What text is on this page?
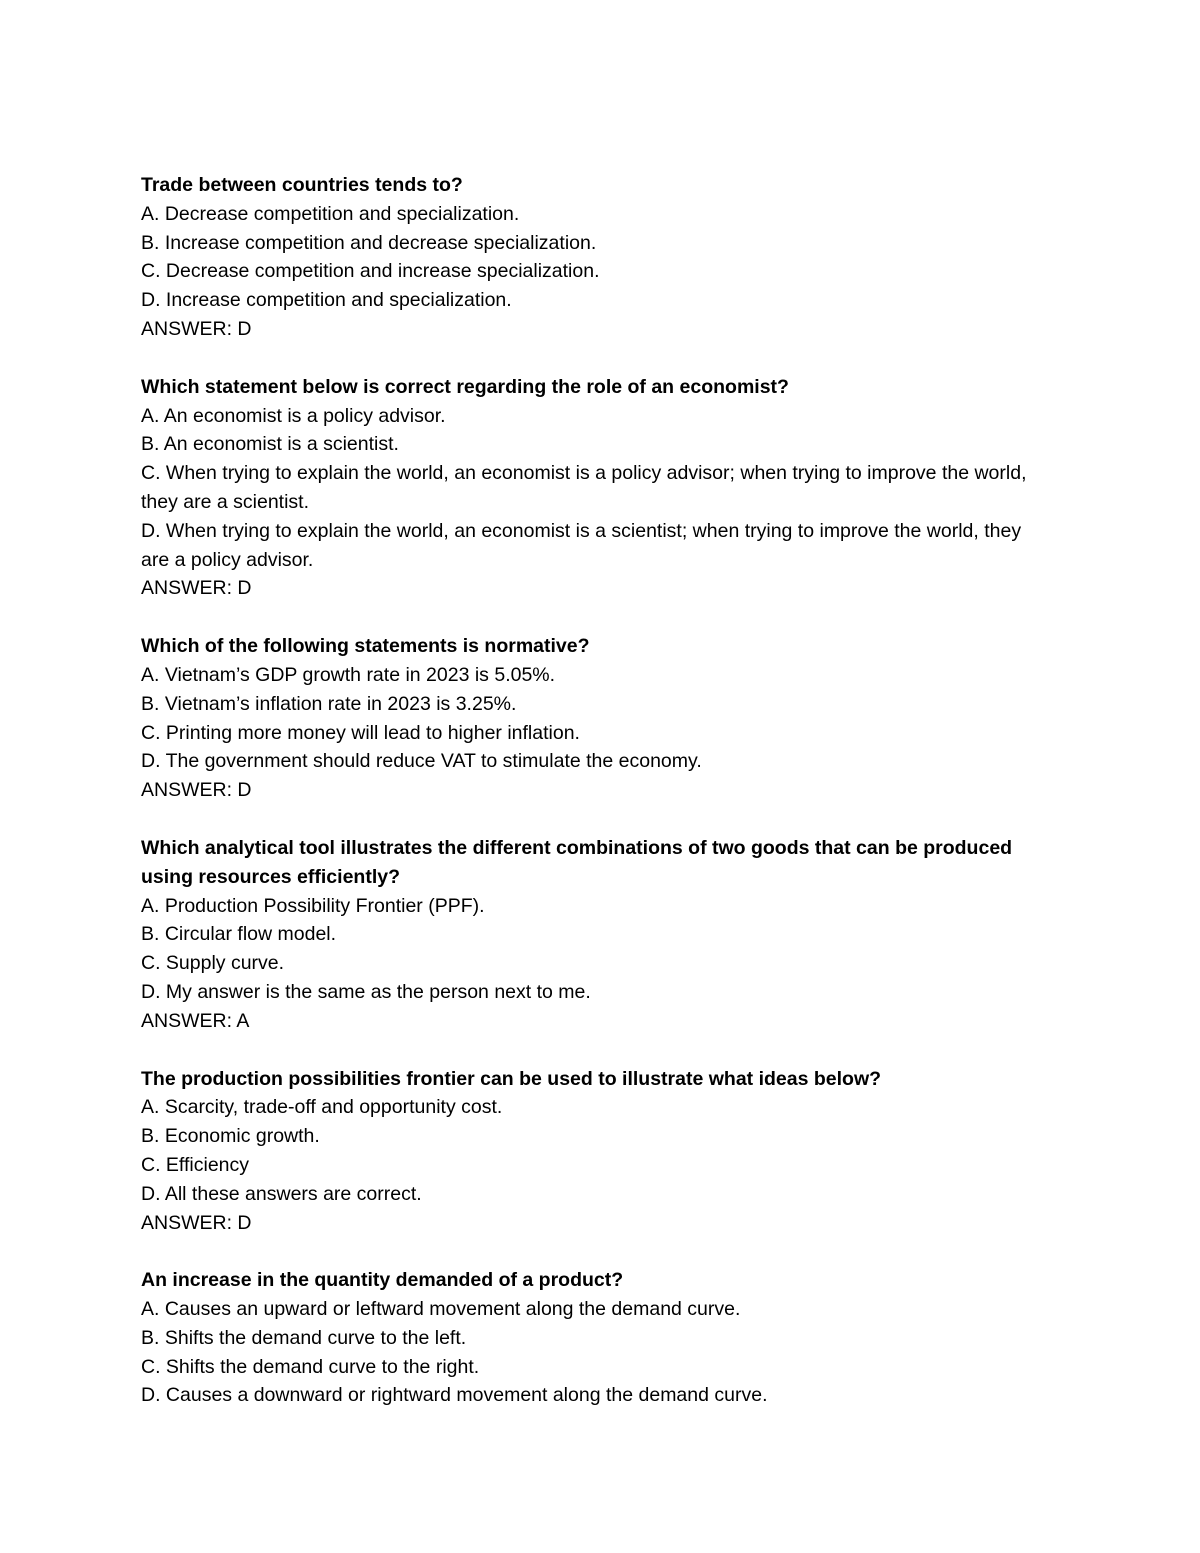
Trade between countries tends to?

A. Decrease competition and specialization.

B. Increase competition and decrease specialization.

C. Decrease competition and increase specialization.

D. Increase competition and specialization.

ANSWER: D

Which statement below is correct regarding the role of an economist?

A. An economist is a policy advisor.

B. An economist is a scientist.

C. When trying to explain the world, an economist is a policy advisor; when trying to improve the world, they are a scientist.

D. When trying to explain the world, an economist is a scientist; when trying to improve the world, they are a policy advisor.

ANSWER: D

Which of the following statements is normative?

A. Vietnam’s GDP growth rate in 2023 is 5.05%.

B. Vietnam’s inflation rate in 2023 is 3.25%.

C. Printing more money will lead to higher inflation.

D. The government should reduce VAT to stimulate the economy.

ANSWER: D

Which analytical tool illustrates the different combinations of two goods that can be produced using resources efficiently?

A. Production Possibility Frontier (PPF).

B. Circular flow model.

C. Supply curve.

D. My answer is the same as the person next to me.

ANSWER: A

The production possibilities frontier can be used to illustrate what ideas below?

A. Scarcity, trade-off and opportunity cost.

B. Economic growth.

C. Efficiency

D. All these answers are correct.

ANSWER: D

An increase in the quantity demanded of a product?

A. Causes an upward or leftward movement along the demand curve.

B. Shifts the demand curve to the left.

C. Shifts the demand curve to the right.

D. Causes a downward or rightward movement along the demand curve.
